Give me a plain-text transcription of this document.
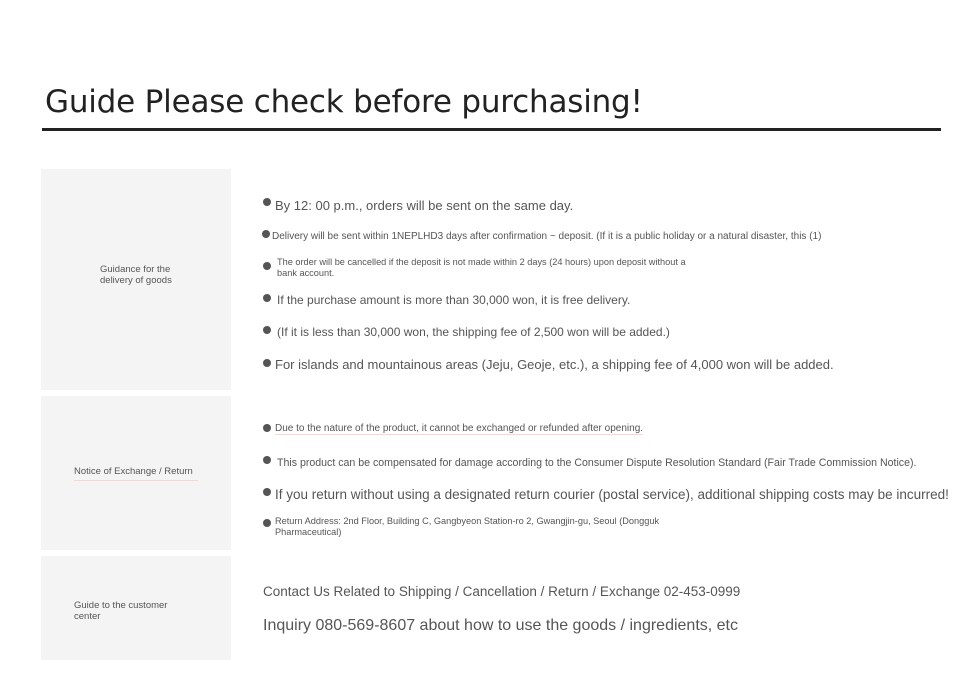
Guide Please check before purchasing!
Guidance for the delivery of goods
By 12: 00 p.m., orders will be sent on the same day.
Delivery will be sent within 1NEPLHD3 days after confirmation ~ deposit. (If it is a public holiday or a natural disaster, this (1)
The order will be cancelled if the deposit is not made within 2 days (24 hours) upon deposit without a bank account.
If the purchase amount is more than 30,000 won, it is free delivery.
(If it is less than 30,000 won, the shipping fee of 2,500 won will be added.)
For islands and mountainous areas (Jeju, Geoje, etc.), a shipping fee of 4,000 won will be added.
Notice of Exchange / Return
Due to the nature of the product, it cannot be exchanged or refunded after opening.
This product can be compensated for damage according to the Consumer Dispute Resolution Standard (Fair Trade Commission Notice).
If you return without using a designated return courier (postal service), additional shipping costs may be incurred!
Return Address: 2nd Floor, Building C, Gangbyeon Station-ro 2, Gwangjin-gu, Seoul (Dongguk Pharmaceutical)
Guide to the customer center
Contact Us Related to Shipping / Cancellation / Return / Exchange 02-453-0999
Inquiry 080-569-8607 about how to use the goods / ingredients, etc
